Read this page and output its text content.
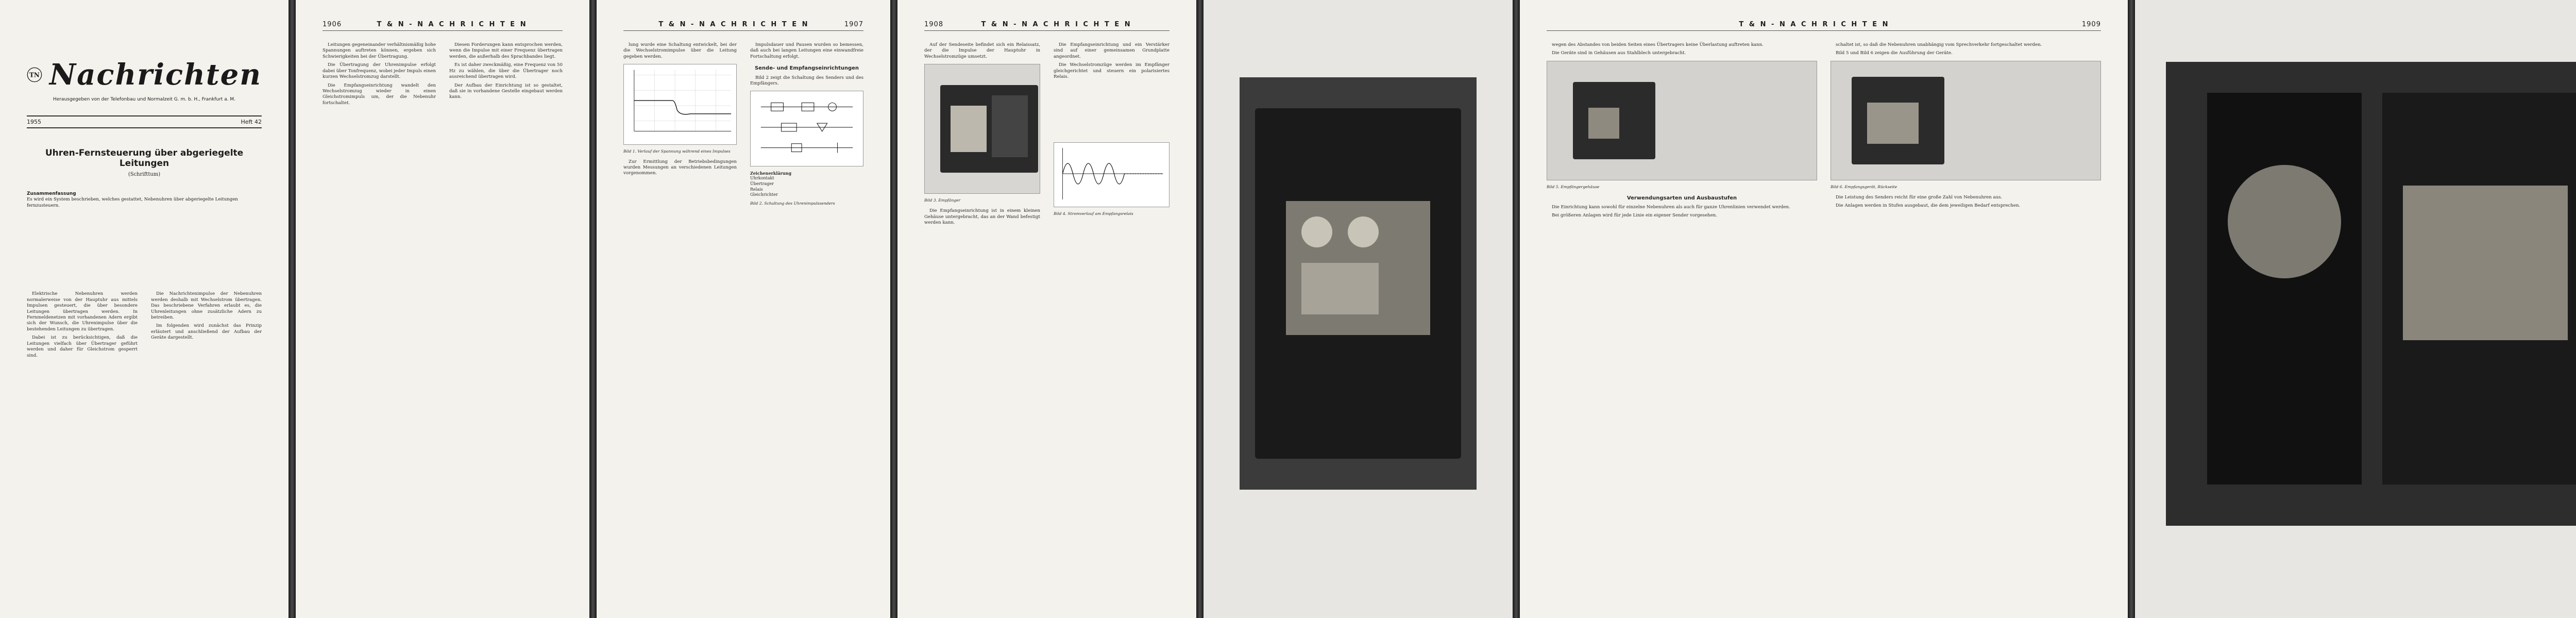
TN Nachrichten
Herausgegeben von der Telefonbau und Normalzeit G. m. b. H., Frankfurt a. M.
1955	Heft 42
Uhren-Fernsteuerung über abgeriegelte Leitungen
(Schrifttum)
Zusammenfassung
Es wird ein System beschrieben, welches gestattet, Nebenuhren über abgeriegelte Leitungen fernzusteuern.

Elektrische Nebenuhren werden normalerweise von der Hauptuhr aus mittels Impulsen gesteuert, die über besondere Leitungen übertragen werden. In Fernmeldenetzen mit vorhandenen Adern ergibt sich der Wunsch, die Uhrenimpulse über die bestehenden Leitungen zu übertragen.

Dabei ist zu berücksichtigen, daß die Leitungen vielfach über Übertrager geführt werden und daher für Gleichstrom gesperrt sind.

Die Nachrichtenimpulse der Nebenuhren werden deshalb mit Wechselstrom übertragen. Das beschriebene Verfahren erlaubt es, die Uhrenleitungen ohne zusätzliche Adern zu betreiben.

Im folgenden wird zunächst das Prinzip erläutert und anschließend der Aufbau der Geräte dargestellt.

1906	T & N - N A C H R I C H T E N

Leitungen gegeneinander verhältnismäßig hohe Spannungen auftreten können, ergeben sich Schwierigkeiten bei der Übertragung.

Die Übertragung der Uhrenimpulse erfolgt dabei über Tonfrequenz, wobei jeder Impuls einen kurzen Wechselstromzug darstellt.

Die Empfangseinrichtung wandelt den Wechselstromzug wieder in einen Gleichstromimpuls um, der die Nebenuhr fortschaltet.

Diesen Forderungen kann entsprochen werden, wenn die Impulse mit einer Frequenz übertragen werden, die außerhalb des Sprachbandes liegt.

Es ist daher zweckmäßig, eine Frequenz von 50 Hz zu wählen, die über die Übertrager noch ausreichend übertragen wird.

Der Aufbau der Einrichtung ist so gestaltet, daß sie in vorhandene Gestelle eingebaut werden kann.

T & N - N A C H R I C H T E N	1907

lung wurde eine Schaltung entwickelt, bei der die Wechselstromimpulse über die Leitung gegeben werden.

Bild 1. Verlauf der Spannung während eines Impulses

Zur Ermittlung der Betriebsbedingungen wurden Messungen an verschiedenen Leitungen vorgenommen.

Impulsdauer und Pausen wurden so bemessen, daß auch bei langen Leitungen eine einwandfreie Fortschaltung erfolgt.

Sende- und Empfangseinrichtungen

Bild 2 zeigt die Schaltung des Senders und des Empfängers.

Zeichenerklärung
Uhrkontakt
Übertrager
Relais
Gleichrichter
Bild 2. Schaltung des Uhrenimpulssenders
1908	T & N - N A C H R I C H T E N

Auf der Sendeseite befindet sich ein Relaissatz, der die Impulse der Hauptuhr in Wechselstromzüge umsetzt.

Bild 3. Empfänger

Die Empfangseinrichtung ist in einem kleinen Gehäuse untergebracht, das an der Wand befestigt werden kann.

Die Empfangseinrichtung und ein Verstärker sind auf einer gemeinsamen Grundplatte angeordnet.

Die Wechselstromzüge werden im Empfänger gleichgerichtet und steuern ein polarisiertes Relais.

Bild 4. Stromverlauf am Empfangsrelais
T & N - N A C H R I C H T E N	1909

wegen des Abstandes von beiden Seiten eines Übertragers keine Überlastung auftreten kann.

Die Geräte sind in Gehäusen aus Stahlblech untergebracht.

Bild 5. Empfängergehäuse
Verwendungsarten und Ausbaustufen

Die Einrichtung kann sowohl für einzelne Nebenuhren als auch für ganze Uhrenlinien verwendet werden.

Bei größeren Anlagen wird für jede Linie ein eigener Sender vorgesehen.

schaltet ist, so daß die Nebenuhren unabhängig vom Sprechverkehr fortgeschaltet werden.

Bild 5 und Bild 6 zeigen die Ausführung der Geräte.

Bild 6. Empfangsgerät, Rückseite

Die Leistung des Senders reicht für eine große Zahl von Nebenuhren aus.

Die Anlagen werden in Stufen ausgebaut, die dem jeweiligen Bedarf entsprechen.
